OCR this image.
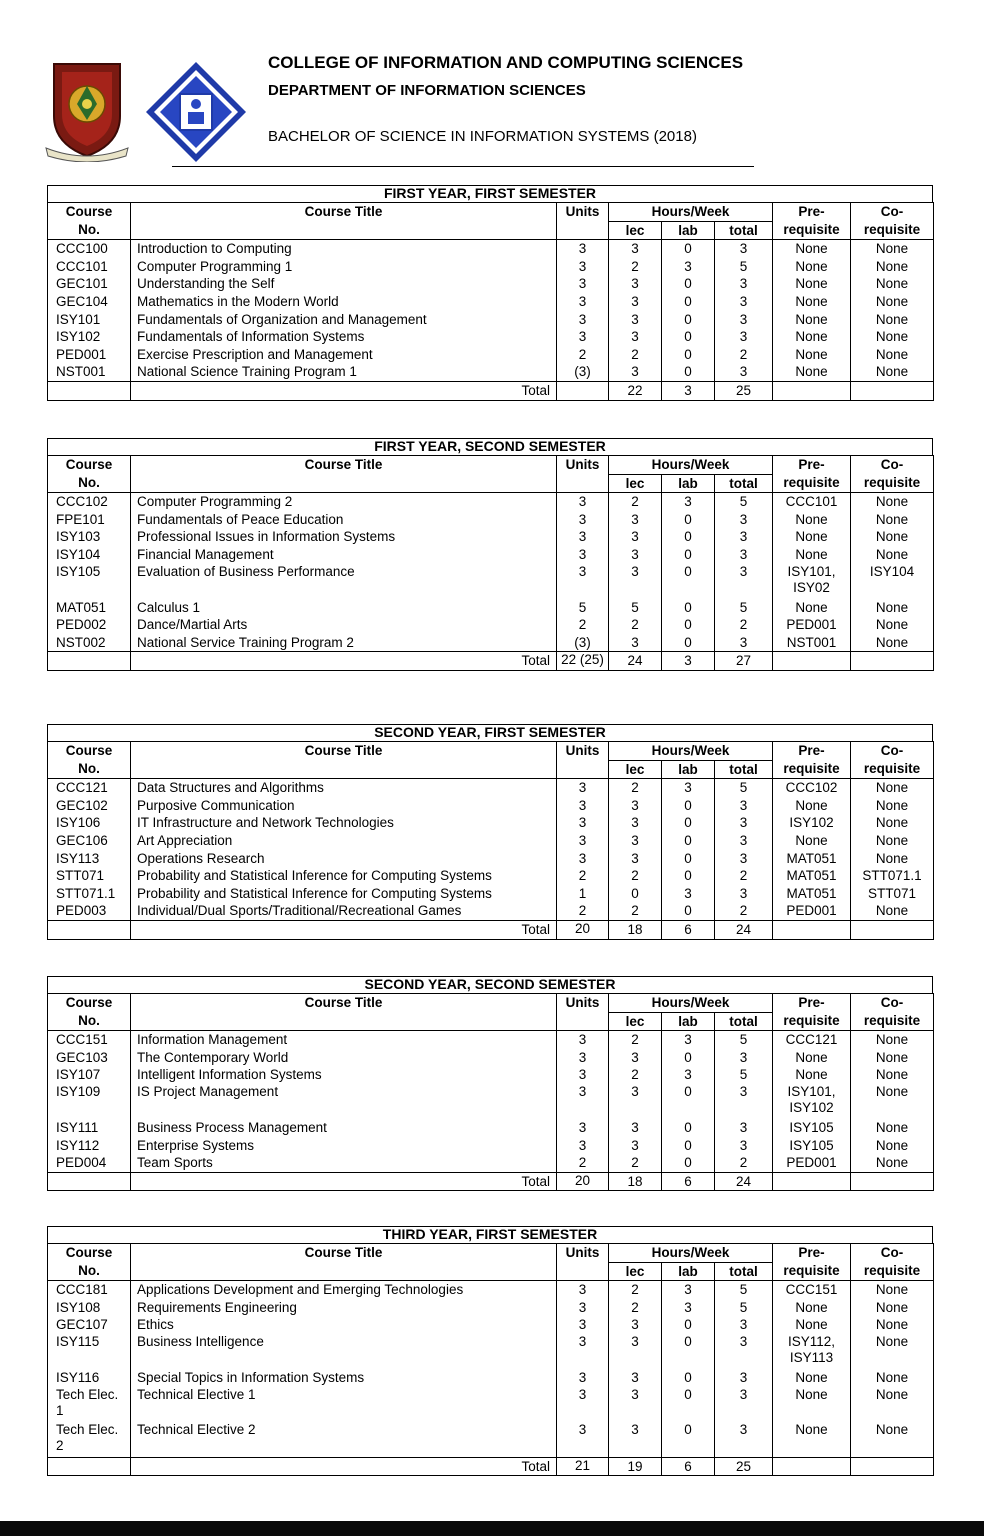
COLLEGE OF INFORMATION AND COMPUTING SCIENCES
DEPARTMENT OF INFORMATION SCIENCES
BACHELOR OF SCIENCE IN INFORMATION SYSTEMS (2018)
FIRST YEAR, FIRST SEMESTER
Course	Course Title	Units	Hours/Week			Pre-	Co-
No.			lec	lab	total	requisite	requisite
CCC100	Introduction to Computing	3	3	0	3	None	None
CCC101	Computer Programming 1	3	2	3	5	None	None
GEC101	Understanding the Self	3	3	0	3	None	None
GEC104	Mathematics in the Modern World	3	3	0	3	None	None
ISY101	Fundamentals of Organization and Management	3	3	0	3	None	None
ISY102	Fundamentals of Information Systems	3	3	0	3	None	None
PED001	Exercise Prescription and Management	2	2	0	2	None	None
NST001	National Science Training Program 1	(3)	3	0	3	None	None
	Total		22	3	25		
FIRST YEAR, SECOND SEMESTER
Course	Course Title	Units	Hours/Week			Pre-	Co-
No.			lec	lab	total	requisite	requisite
CCC102	Computer Programming 2	3	2	3	5	CCC101	None
FPE101	Fundamentals of Peace Education	3	3	0	3	None	None
ISY103	Professional Issues in Information Systems	3	3	0	3	None	None
ISY104	Financial Management	3	3	0	3	None	None
ISY105	Evaluation of Business Performance	3	3	0	3	ISY101, ISY02	ISY104
MAT051	Calculus 1	5	5	0	5	None	None
PED002	Dance/Martial Arts	2	2	0	2	PED001	None
NST002	National Service Training Program 2	(3)	3	0	3	NST001	None
	Total	22 (25)	24	3	27		
SECOND YEAR, FIRST SEMESTER
Course	Course Title	Units	Hours/Week			Pre-	Co-
No.			lec	lab	total	requisite	requisite
CCC121	Data Structures and Algorithms	3	2	3	5	CCC102	None
GEC102	Purposive Communication	3	3	0	3	None	None
ISY106	IT Infrastructure and Network Technologies	3	3	0	3	ISY102	None
GEC106	Art Appreciation	3	3	0	3	None	None
ISY113	Operations Research	3	3	0	3	MAT051	None
STT071	Probability and Statistical Inference for Computing Systems	2	2	0	2	MAT051	STT071.1
STT071.1	Probability and Statistical Inference for Computing Systems	1	0	3	3	MAT051	STT071
PED003	Individual/Dual Sports/Traditional/Recreational Games	2	2	0	2	PED001	None
	Total	20	18	6	24		
SECOND YEAR, SECOND SEMESTER
Course	Course Title	Units	Hours/Week			Pre-	Co-
No.			lec	lab	total	requisite	requisite
CCC151	Information Management	3	2	3	5	CCC121	None
GEC103	The Contemporary World	3	3	0	3	None	None
ISY107	Intelligent Information Systems	3	2	3	5	None	None
ISY109	IS Project Management	3	3	0	3	ISY101, ISY102	None
ISY111	Business Process Management	3	3	0	3	ISY105	None
ISY112	Enterprise Systems	3	3	0	3	ISY105	None
PED004	Team Sports	2	2	0	2	PED001	None
	Total	20	18	6	24		
THIRD YEAR, FIRST SEMESTER
Course	Course Title	Units	Hours/Week			Pre-	Co-
No.			lec	lab	total	requisite	requisite
CCC181	Applications Development and Emerging Technologies	3	2	3	5	CCC151	None
ISY108	Requirements Engineering	3	2	3	5	None	None
GEC107	Ethics	3	3	0	3	None	None
ISY115	Business Intelligence	3	3	0	3	ISY112, ISY113	None
ISY116	Special Topics in Information Systems	3	3	0	3	None	None
Tech Elec. 1	Technical Elective 1	3	3	0	3	None	None
Tech Elec. 2	Technical Elective 2	3	3	0	3	None	None
	Total	21	19	6	25		
